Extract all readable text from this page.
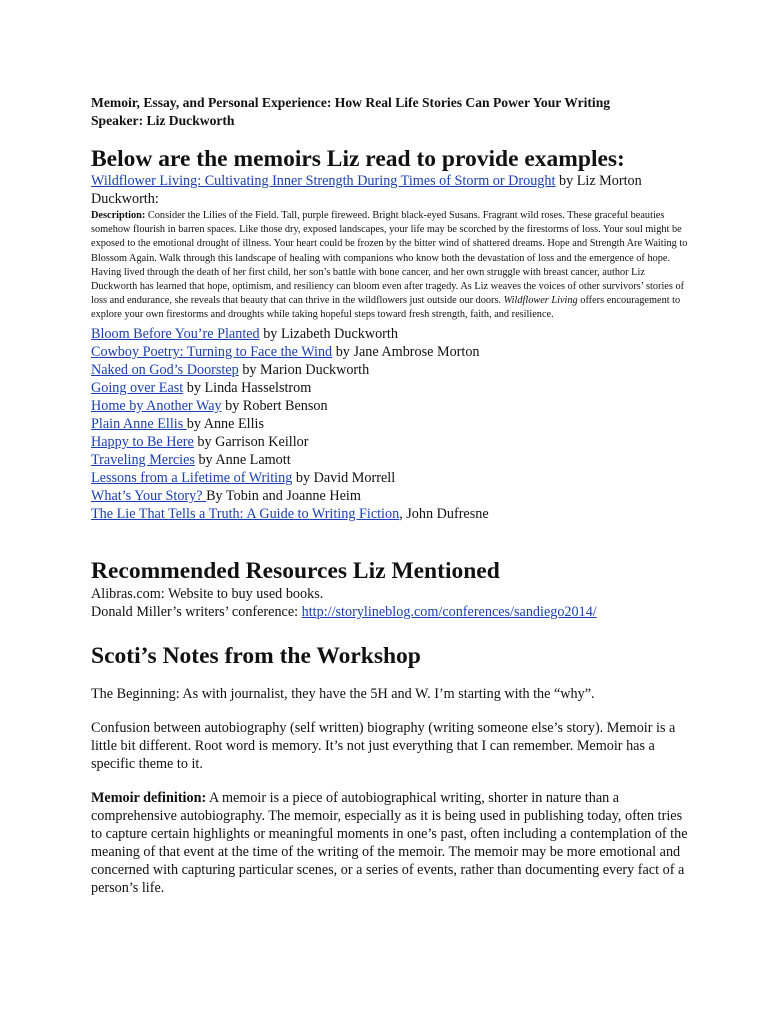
Memoir, Essay, and Personal Experience: How Real Life Stories Can Power Your Writing
Speaker: Liz Duckworth
Below are the memoirs Liz read to provide examples:
Wildflower Living: Cultivating Inner Strength During Times of Storm or Drought by Liz Morton Duckworth:
Description: Consider the Lilies of the Field. Tall, purple fireweed. Bright black-eyed Susans. Fragrant wild roses. These graceful beauties somehow flourish in barren spaces. Like those dry, exposed landscapes, your life may be scorched by the firestorms of loss. Your soul might be exposed to the emotional drought of illness. Your heart could be frozen by the bitter wind of shattered dreams. Hope and Strength Are Waiting to Blossom Again. Walk through this landscape of healing with companions who know both the devastation of loss and the emergence of hope. Having lived through the death of her first child, her son’s battle with bone cancer, and her own struggle with breast cancer, author Liz Duckworth has learned that hope, optimism, and resiliency can bloom even after tragedy. As Liz weaves the voices of other survivors’ stories of loss and endurance, she reveals that beauty that can thrive in the wildflowers just outside our doors. Wildflower Living offers encouragement to explore your own firestorms and droughts while taking hopeful steps toward fresh strength, faith, and resilience.
Bloom Before You’re Planted by Lizabeth Duckworth
Cowboy Poetry: Turning to Face the Wind by Jane Ambrose Morton
Naked on God’s Doorstep by Marion Duckworth
Going over East by Linda Hasselstrom
Home by Another Way by Robert Benson
Plain Anne Ellis by Anne Ellis
Happy to Be Here by Garrison Keillor
Traveling Mercies by Anne Lamott
Lessons from a Lifetime of Writing by David Morrell
What’s Your Story? By Tobin and Joanne Heim
The Lie That Tells a Truth: A Guide to Writing Fiction, John Dufresne
Recommended Resources Liz Mentioned
Alibras.com: Website to buy used books.
Donald Miller’s writers’ conference: http://storylineblog.com/conferences/sandiego2014/
Scoti’s Notes from the Workshop
The Beginning: As with journalist, they have the 5H and W. I’m starting with the “why”.
Confusion between autobiography (self written) biography (writing someone else’s story). Memoir is a little bit different. Root word is memory. It’s not just everything that I can remember. Memoir has a specific theme to it.
Memoir definition: A memoir is a piece of autobiographical writing, shorter in nature than a comprehensive autobiography. The memoir, especially as it is being used in publishing today, often tries to capture certain highlights or meaningful moments in one’s past, often including a contemplation of the meaning of that event at the time of the writing of the memoir. The memoir may be more emotional and concerned with capturing particular scenes, or a series of events, rather than documenting every fact of a person’s life.
